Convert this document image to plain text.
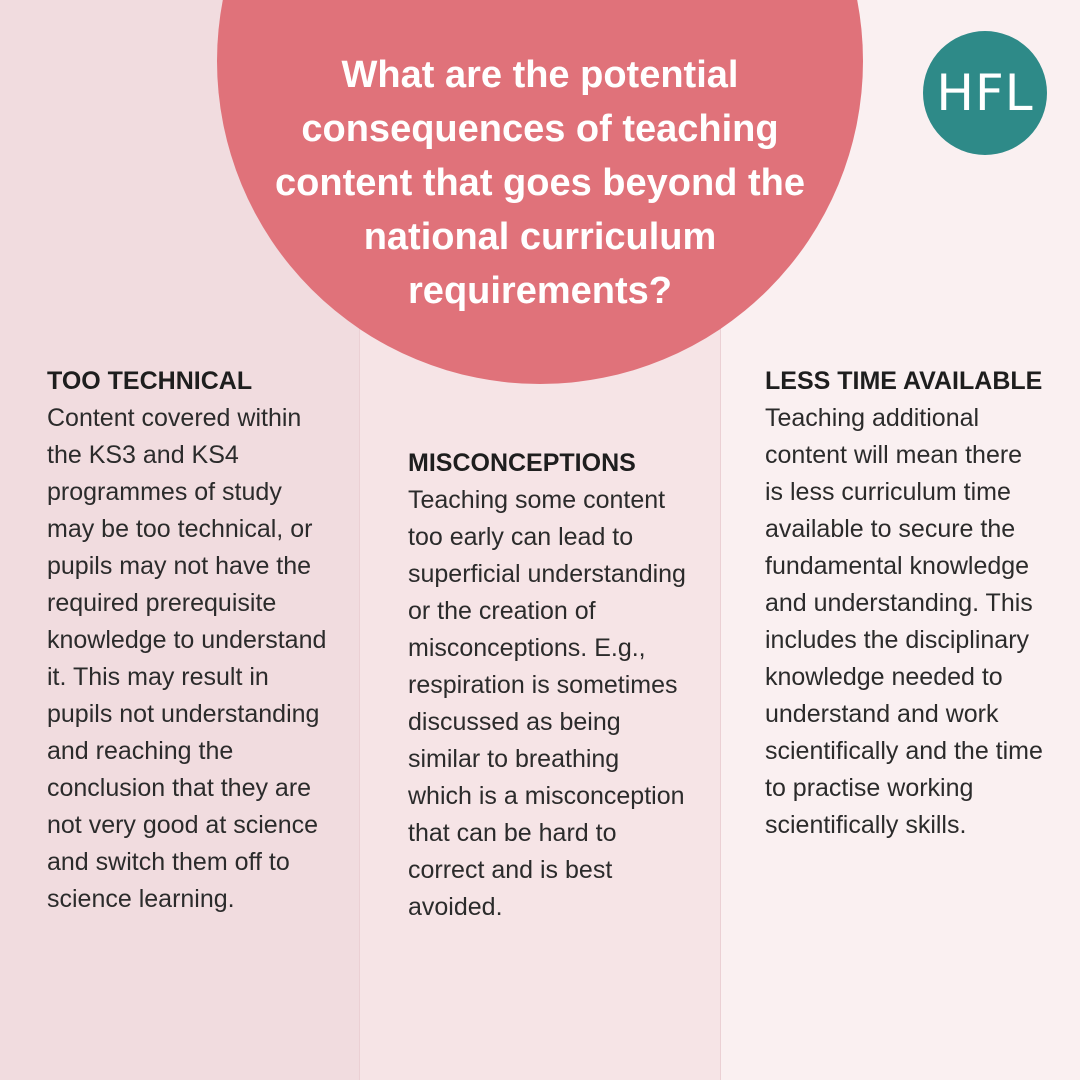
What are the potential consequences of teaching content that goes beyond the national curriculum requirements?
HFL
TOO TECHNICAL

Content covered within the KS3 and KS4 programmes of study may be too technical, or pupils may not have the required prerequisite knowledge to understand it. This may result in pupils not understanding and reaching the conclusion that they are not very good at science and switch them off to science learning.

MISCONCEPTIONS

Teaching some content too early can lead to superficial understanding or the creation of misconceptions. E.g., respiration is sometimes discussed as being similar to breathing which is a misconception that can be hard to correct and is best avoided.

LESS TIME AVAILABLE

Teaching additional content will mean there is less curriculum time available to secure the fundamental knowledge and understanding. This includes the disciplinary knowledge needed to understand and work scientifically and the time to practise working scientifically skills.
